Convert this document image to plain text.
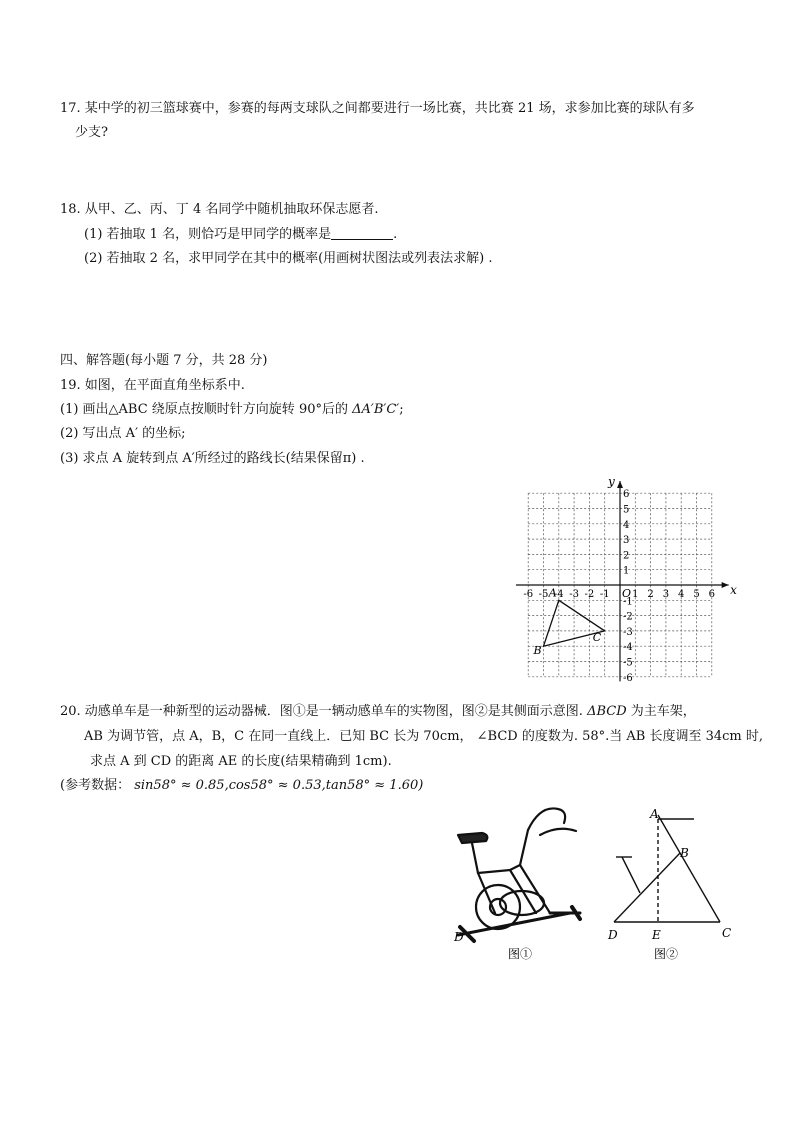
17. 某中学的初三篮球赛中，参赛的每两支球队之间都要进行一场比赛，共比赛 21 场，求参加比赛的球队有多
少支?
18. 从甲、乙、丙、丁 4 名同学中随机抽取环保志愿者.
(1) 若抽取 1 名，则恰巧是甲同学的概率是	.
(2) 若抽取 2 名，求甲同学在其中的概率(用画树状图法或列表法求解) .
四、解答题(每小题 7 分，共 28 分)
19. 如图，在平面直角坐标系中.
(1) 画出△ABC 绕原点按顺时针方向旋转 90°后的 ΔA′B′C′;
(2) 写出点 A′ 的坐标;
(3) 求点 A 旋转到点 A′所经过的路线长(结果保留π) .
x
y
O
-6 -5 -4 -3 -2 -1 1 2 3 4 5 6
6
5
4
3
2
1
-1
-2
-3
-4
-5
-6
A
B
C
20. 动感单车是一种新型的运动器械．图①是一辆动感单车的实物图，图②是其侧面示意图. ΔBCD 为主车架，
AB 为调节管，点 A，B，C 在同一直线上．已知 BC 长为 70cm， ∠BCD 的度数为. 58°.当 AB 长度调至 34cm 时,
求点 A 到 CD 的距离 AE 的长度(结果精确到 1cm).
(参考数据： sin58° ≈ 0.85,cos58° ≈ 0.53,tan58° ≈ 1.60)
D
图①
A
B
C
D	E
图②
